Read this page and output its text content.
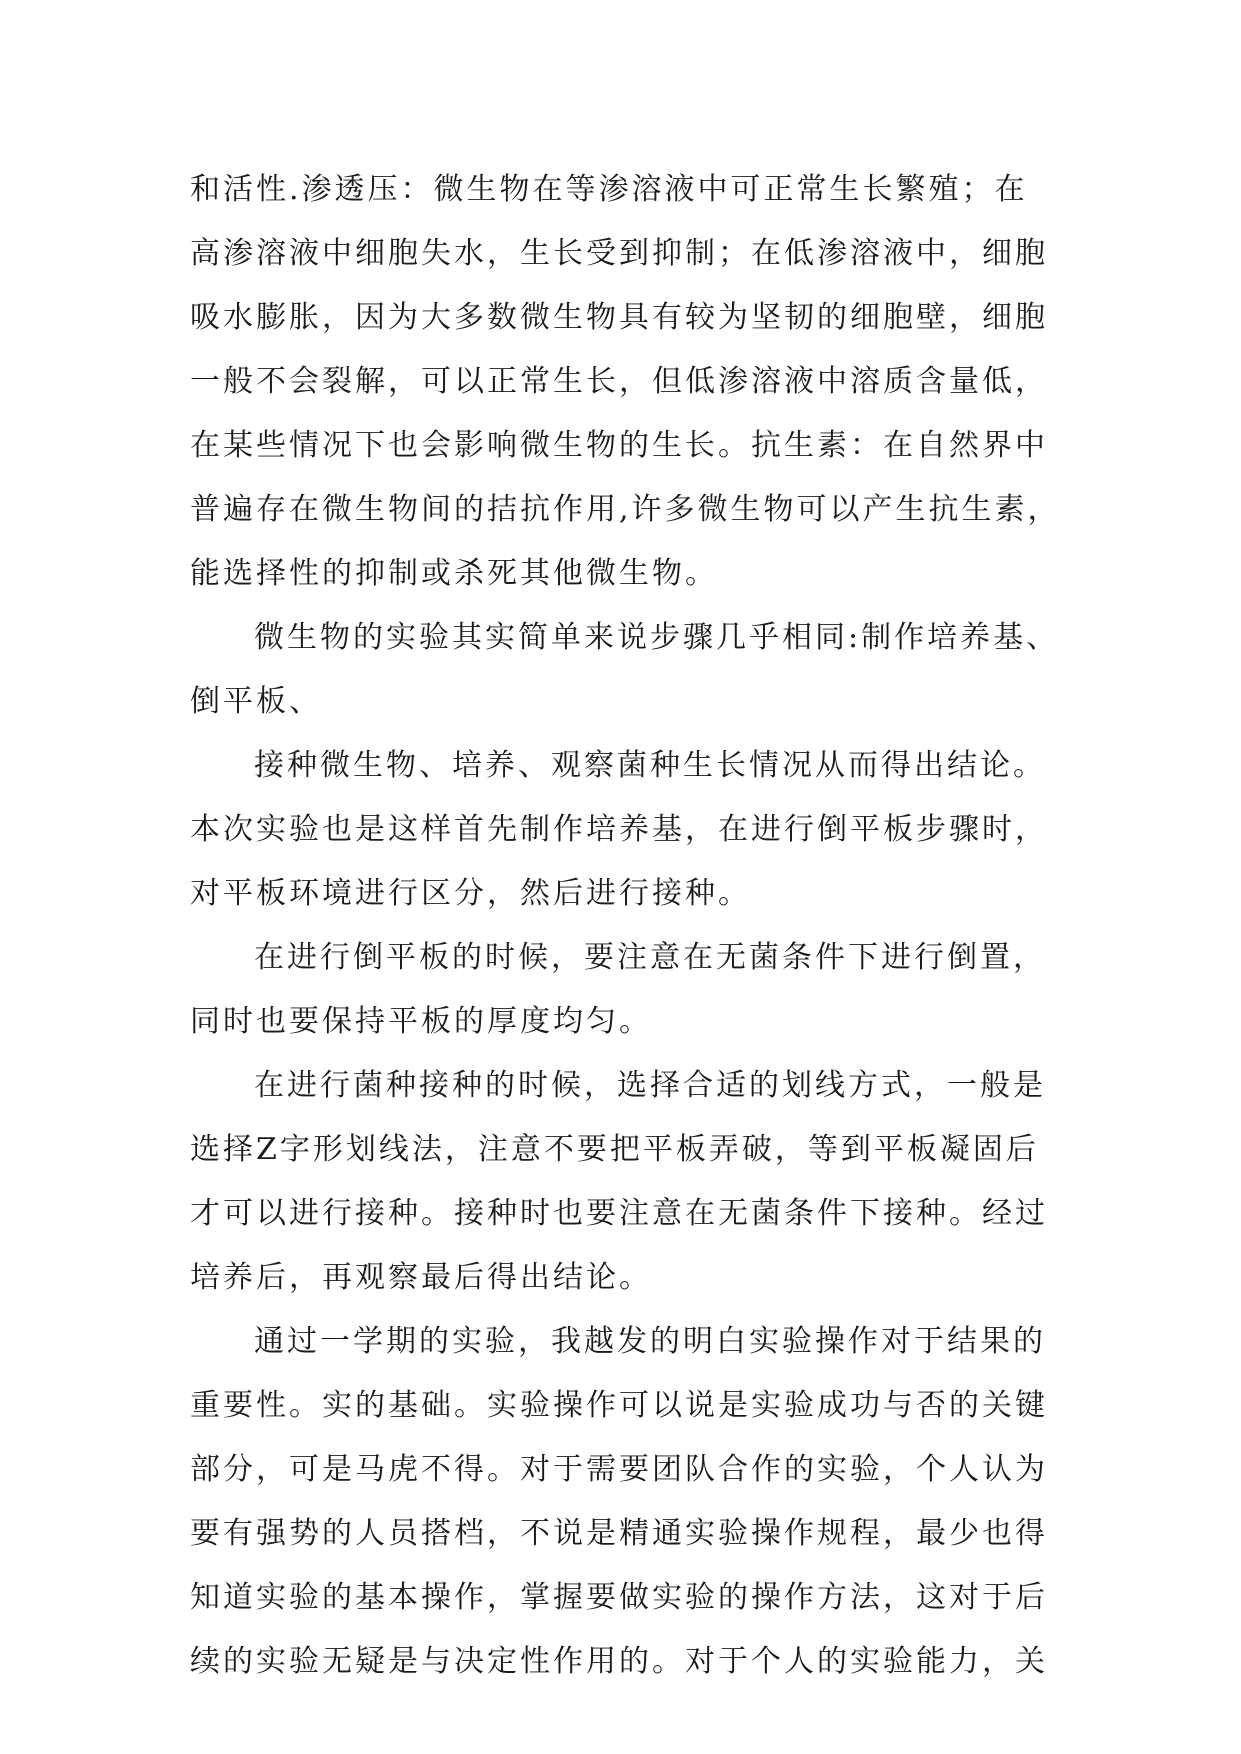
和活性.渗透压：微生物在等渗溶液中可正常生长繁殖；在
高渗溶液中细胞失水，生长受到抑制；在低渗溶液中，细胞
吸水膨胀，因为大多数微生物具有较为坚韧的细胞壁，细胞
一般不会裂解，可以正常生长，但低渗溶液中溶质含量低，
在某些情况下也会影响微生物的生长。抗生素：在自然界中
普遍存在微生物间的拮抗作用,许多微生物可以产生抗生素，
能选择性的抑制或杀死其他微生物。
微生物的实验其实简单来说步骤几乎相同:制作培养基、
倒平板、
接种微生物、培养、观察菌种生长情况从而得出结论。
本次实验也是这样首先制作培养基，在进行倒平板步骤时，
对平板环境进行区分，然后进行接种。
在进行倒平板的时候，要注意在无菌条件下进行倒置，
同时也要保持平板的厚度均匀。
在进行菌种接种的时候，选择合适的划线方式，一般是
选择Z字形划线法，注意不要把平板弄破，等到平板凝固后
才可以进行接种。接种时也要注意在无菌条件下接种。经过
培养后，再观察最后得出结论。
通过一学期的实验，我越发的明白实验操作对于结果的
重要性。实的基础。实验操作可以说是实验成功与否的关键
部分，可是马虎不得。对于需要团队合作的实验，个人认为
要有强势的人员搭档，不说是精通实验操作规程，最少也得
知道实验的基本操作，掌握要做实验的操作方法，这对于后
续的实验无疑是与决定性作用的。对于个人的实验能力，关
